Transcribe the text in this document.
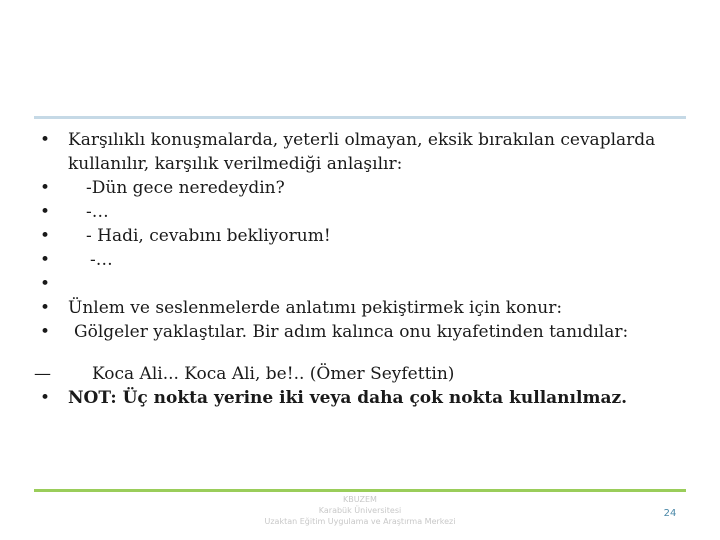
•	Karşılıklı konuşmalarda, yeterli olmayan, eksik bırakılan cevaplarda
kullanılır, karşılık verilmediği anlaşılır:
•	-Dün gece neredeydin?
•	-…
•	- Hadi, cevabını bekliyorum!
•	-…
•
•	Ünlem ve seslenmelerde anlatımı pekiştirmek için konur:
•	Gölgeler yaklaştılar. Bir adım kalınca onu kıyafetinden tanıdılar:
—	Koca Ali... Koca Ali, be!.. (Ömer Seyfettin)
•	NOT: Üç nokta yerine iki veya daha çok nokta kullanılmaz.
KBUZEM
Karabük Üniversitesi
Uzaktan Eğitim Uygulama ve Araştırma Merkezi
24
